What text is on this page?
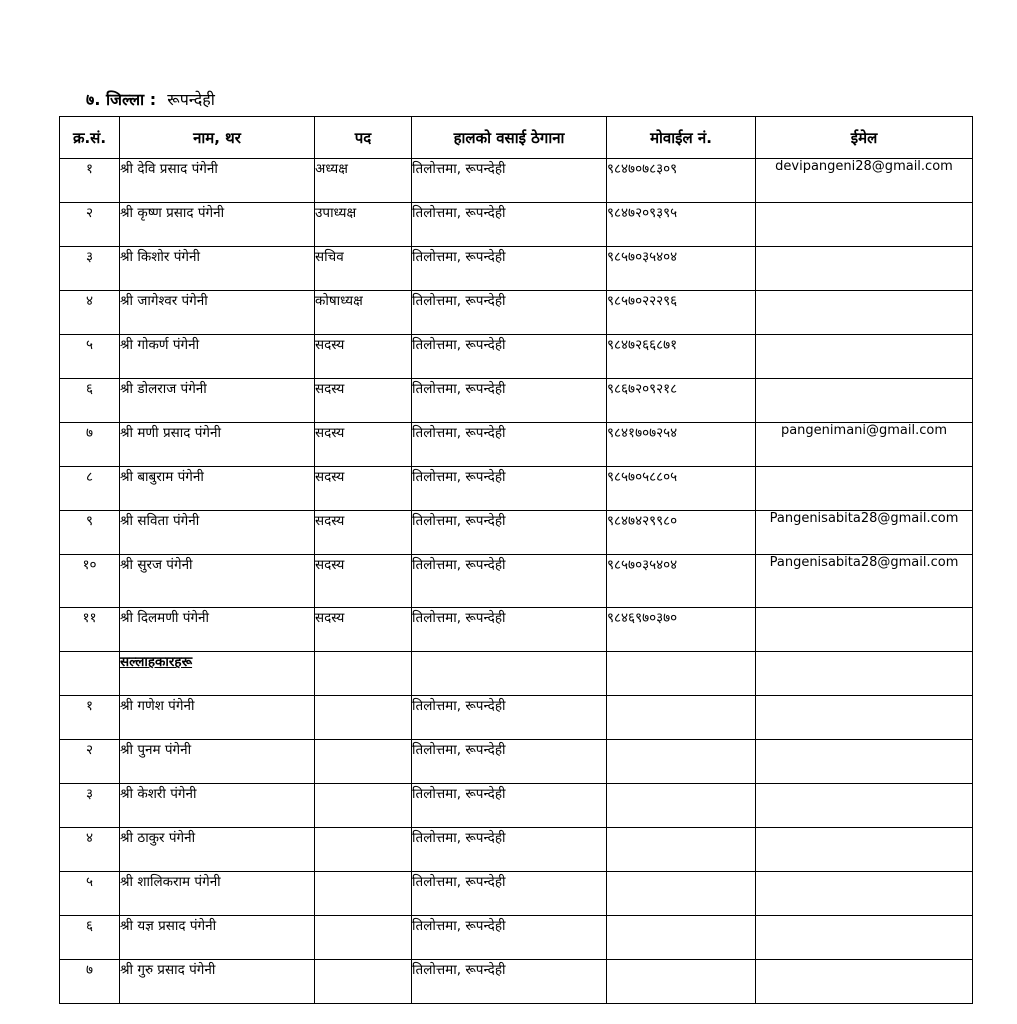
७. जिल्ला : रूपन्देही
क्र.सं.	नाम, थर	पद	हालको वसाई ठेगाना	मोवाईल नं.	ईमेल
१	श्री देवि प्रसाद पंगेनी	अध्यक्ष	तिलोत्तमा, रूपन्देही	९८४७०७८३०९	devipangeni28@gmail.com
२	श्री कृष्ण प्रसाद पंगेनी	उपाध्यक्ष	तिलोत्तमा, रूपन्देही	९८४७२०९३९५	
३	श्री किशोर पंगेनी	सचिव	तिलोत्तमा, रूपन्देही	९८५७०३५४०४	
४	श्री जागेश्वर पंगेनी	कोषाध्यक्ष	तिलोत्तमा, रूपन्देही	९८५७०२२२९६	
५	श्री गोकर्ण पंगेनी	सदस्य	तिलोत्तमा, रूपन्देही	९८४७२६६८७१	
६	श्री डोलराज पंगेनी	सदस्य	तिलोत्तमा, रूपन्देही	९८६७२०९२१८	
७	श्री मणी प्रसाद पंगेनी	सदस्य	तिलोत्तमा, रूपन्देही	९८४१७०७२५४	pangenimani@gmail.com
८	श्री बाबुराम पंगेनी	सदस्य	तिलोत्तमा, रूपन्देही	९८५७०५८८०५	
९	श्री सविता पंगेनी	सदस्य	तिलोत्तमा, रूपन्देही	९८४७४२९९८०	Pangenisabita28@gmail.com
१०	श्री सुरज पंगेनी	सदस्य	तिलोत्तमा, रूपन्देही	९८५७०३५४०४	Pangenisabita28@gmail.com
११	श्री दिलमणी पंगेनी	सदस्य	तिलोत्तमा, रूपन्देही	९८४६९७०३७०	
	सल्लाहकारहरू				
१	श्री गणेश पंगेनी		तिलोत्तमा, रूपन्देही		
२	श्री पुनम पंगेनी		तिलोत्तमा, रूपन्देही		
३	श्री केशरी पंगेनी		तिलोत्तमा, रूपन्देही		
४	श्री ठाकुर पंगेनी		तिलोत्तमा, रूपन्देही		
५	श्री शालिकराम पंगेनी		तिलोत्तमा, रूपन्देही		
६	श्री यज्ञ प्रसाद पंगेनी		तिलोत्तमा, रूपन्देही		
७	श्री गुरु प्रसाद पंगेनी		तिलोत्तमा, रूपन्देही		
